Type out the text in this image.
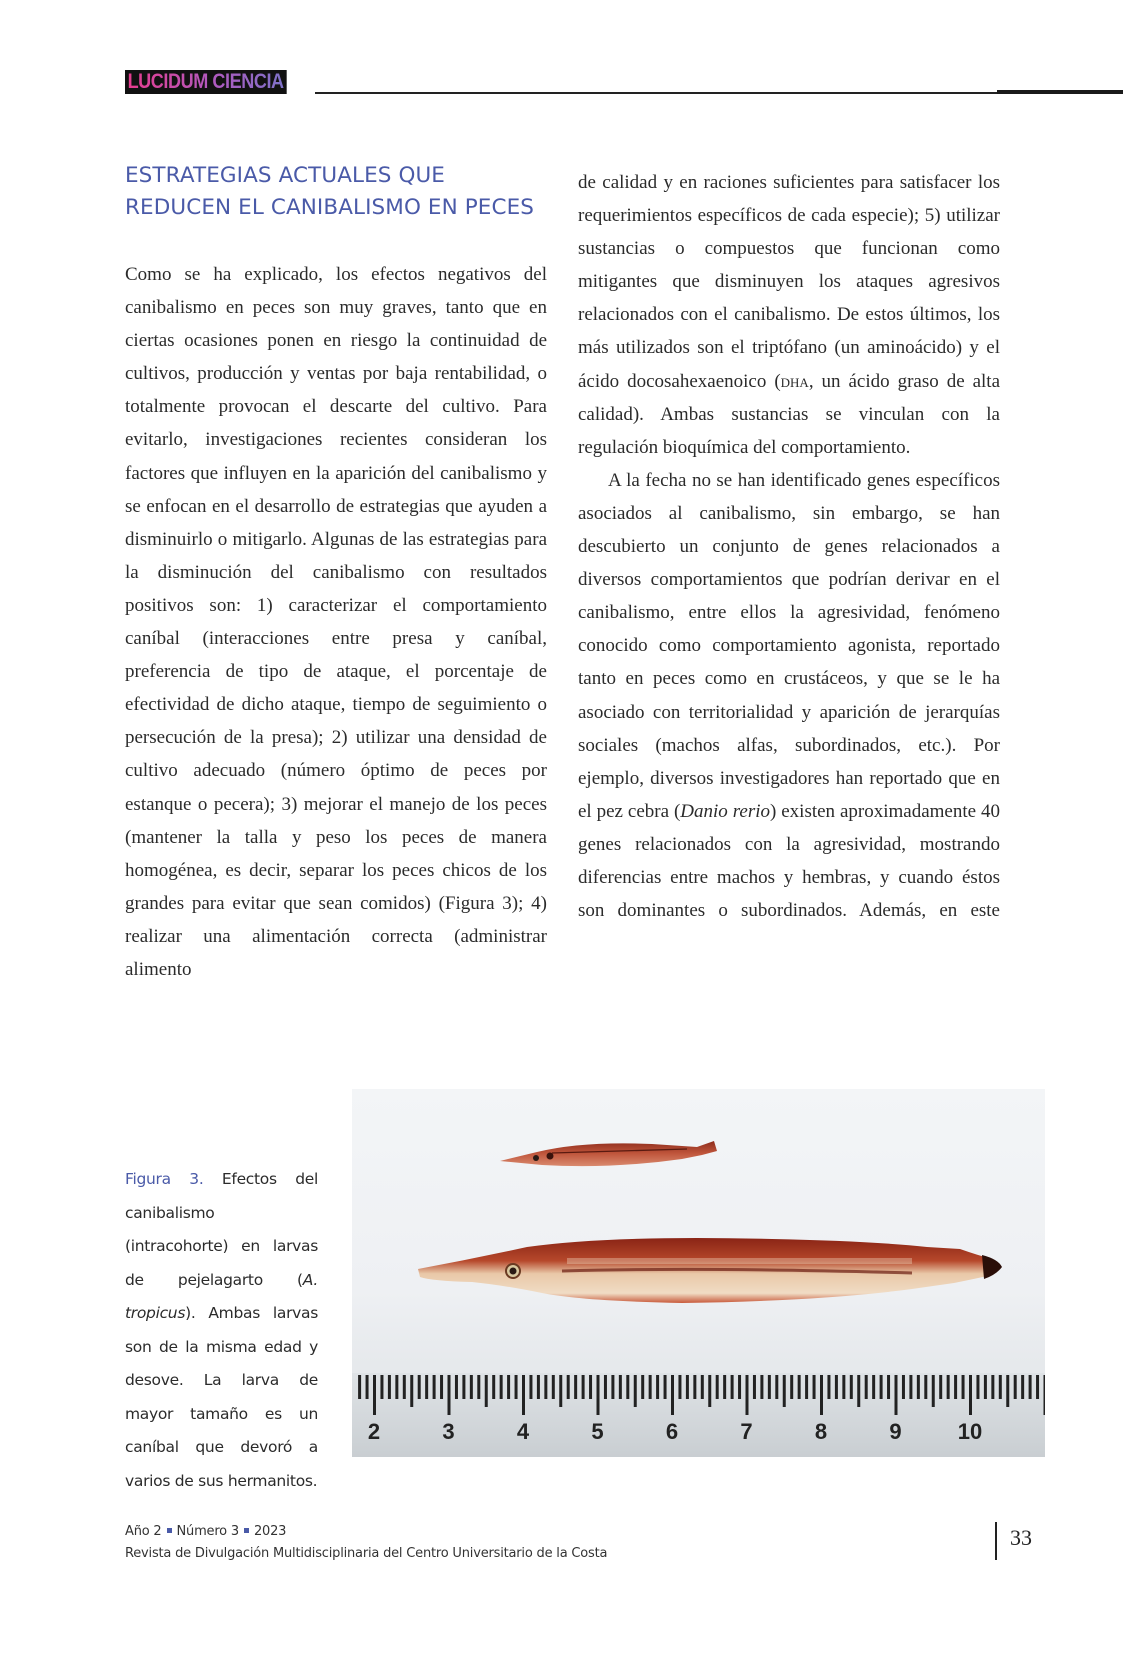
LUCIDUM CIENCIA
ESTRATEGIAS ACTUALES QUE
REDUCEN EL CANIBALISMO EN PECES

Como se ha explicado, los efectos negativos del canibalismo en peces son muy graves, tanto que en ciertas ocasiones ponen en riesgo la continuidad de cultivos, producción y ventas por baja rentabilidad, o totalmente provocan el descarte del cultivo. Para evitarlo, investigaciones recientes consideran los factores que influyen en la aparición del canibalismo y se enfocan en el desarrollo de estrategias que ayuden a disminuirlo o mitigarlo. Algunas de las estrategias para la disminución del canibalismo con resultados positivos son: 1) caracterizar el comportamiento caníbal (interacciones entre presa y caníbal, preferencia de tipo de ataque, el porcentaje de efectividad de dicho ataque, tiempo de seguimiento o persecución de la presa); 2) utilizar una densidad de cultivo adecuado (número óptimo de peces por estanque o pecera); 3) mejorar el manejo de los peces (mantener la talla y peso los peces de manera homogénea, es decir, separar los peces chicos de los grandes para evitar que sean comidos) (Figura 3); 4) realizar una alimentación correcta (administrar alimento

de calidad y en raciones suficientes para satisfacer los requerimientos específicos de cada especie); 5) utilizar sustancias o compuestos que funcionan como mitigantes que disminuyen los ataques agresivos relacionados con el canibalismo. De estos últimos, los más utilizados son el triptófano (un aminoácido) y el ácido docosahexaenoico (dha, un ácido graso de alta calidad). Ambas sustancias se vinculan con la regulación bioquímica del comportamiento.

A la fecha no se han identificado genes específicos asociados al canibalismo, sin embargo, se han descubierto un conjunto de genes relacionados a diversos comportamientos que podrían derivar en el canibalismo, entre ellos la agresividad, fenómeno conocido como comportamiento agonista, reportado tanto en peces como en crustáceos, y que se le ha asociado con territorialidad y aparición de jerarquías sociales (machos alfas, subordinados, etc.). Por ejemplo, diversos investigadores han reportado que en el pez cebra (Danio rerio) existen aproximadamente 40 genes relacionados con la agresividad, mostrando diferencias entre machos y hembras, y cuando éstos son dominantes o subordinados. Además, en este

2	3	4	5	6	7	8	9	10
Figura 3. Efectos del canibalismo (intracohorte) en larvas de pejelagarto (A. tropicus). Ambas larvas son de la misma edad y desove. La larva de mayor tamaño es un caníbal que devoró a varios de sus hermanitos.
Año 2 Número 3 2023
Revista de Divulgación Multidisciplinaria del Centro Universitario de la Costa
33
